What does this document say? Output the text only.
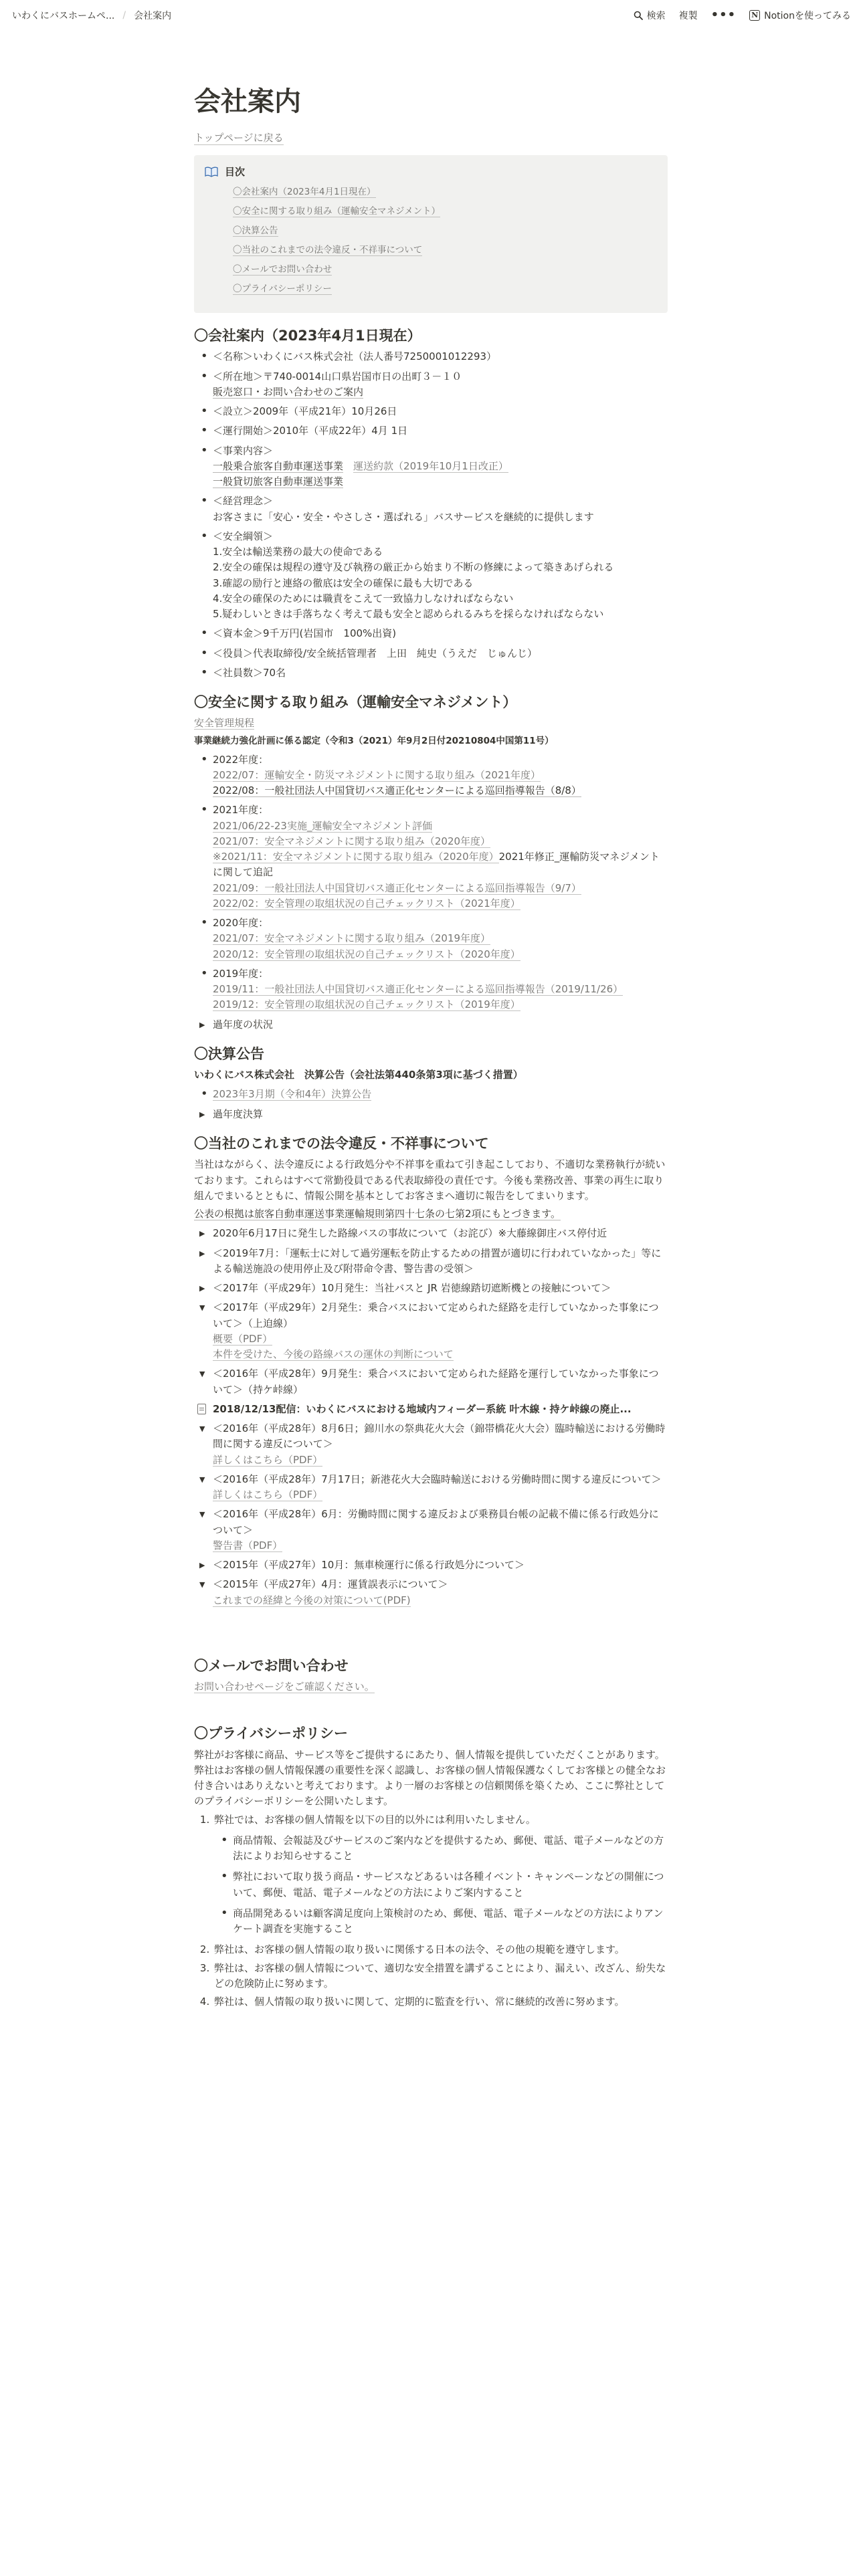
いわくにバスホームペ... / 会社案内	検索 複製 ••• N Notionを使ってみる
会社案内
トップページに戻る
目次
〇会社案内（2023年4月1日現在）
〇安全に関する取り組み（運輸安全マネジメント）
〇決算公告
〇当社のこれまでの法令違反・不祥事について
〇メールでお問い合わせ
〇プライバシーポリシー
〇会社案内（2023年4月1日現在）
• ＜名称＞いわくにバス株式会社（法人番号7250001012293）
• ＜所在地＞〒740-0014山口県岩国市日の出町３－１０
販売窓口・お問い合わせのご案内
• ＜設立＞2009年（平成21年）10月26日
• ＜運行開始＞2010年（平成22年）4月 1日
• ＜事業内容＞
一般乗合旅客自動車運送事業　 運送約款（2019年10月1日改正）
一般貸切旅客自動車運送事業
• ＜経営理念＞
お客さまに「安心・安全・やさしさ・選ばれる」バスサービスを継続的に提供します
• ＜安全綱領＞
1.安全は輸送業務の最大の使命である
2.安全の確保は規程の遵守及び執務の厳正から始まり不断の修練によって築きあげられる
3.確認の励行と連絡の徹底は安全の確保に最も大切である
4.安全の確保のためには職責をこえて一致協力しなければならない
5.疑わしいときは手落ちなく考えて最も安全と認められるみちを採らなければならない
• ＜資本金＞9千万円(岩国市　100%出資)
• ＜役員＞代表取締役/安全統括管理者　上田　純史（うえだ　じゅんじ）
• ＜社員数＞70名
〇安全に関する取り組み（運輸安全マネジメント）

安全管理規程

事業継続力強化計画に係る認定（令和3（2021）年9月2日付20210804中国第11号）

• 2022年度：
2022/07：運輸安全・防災マネジメントに関する取り組み（2021年度）
2022/08：一般社団法人中国貸切バス適正化センターによる巡回指導報告（8/8）
• 2021年度：
2021/06/22-23実施_運輸安全マネジメント評価
2021/07：安全マネジメントに関する取り組み（2020年度）
※2021/11：安全マネジメントに関する取り組み（2020年度）2021年修正_運輸防災マネジメントに関して追記
2021/09：一般社団法人中国貸切バス適正化センターによる巡回指導報告（9/7）
2022/02：安全管理の取組状況の自己チェックリスト（2021年度）
• 2020年度：
2021/07：安全マネジメントに関する取り組み（2019年度）
2020/12：安全管理の取組状況の自己チェックリスト（2020年度）
• 2019年度：
2019/11：一般社団法人中国貸切バス適正化センターによる巡回指導報告（2019/11/26）
2019/12：安全管理の取組状況の自己チェックリスト（2019年度）
▶ 過年度の状況
〇決算公告

いわくにバス株式会社　決算公告（会社法第440条第3項に基づく措置）

• 2023年3月期（令和4年）決算公告
▶ 過年度決算
〇当社のこれまでの法令違反・不祥事について

当社はながらく、法令違反による行政処分や不祥事を重ねて引き起こしており、不適切な業務執行が続いております。これらはすべて常勤役員である代表取締役の責任です。今後も業務改善、事業の再生に取り組んでまいるとともに、情報公開を基本としてお客さまへ適切に報告をしてまいります。

公表の根拠は旅客自動車運送事業運輸規則第四十七条の七第2項にもとづきます。

▶ 2020年6月17日に発生した路線バスの事故について（お詫び）※大藤線御庄バス停付近
▶ ＜2019年7月：「運転士に対して過労運転を防止するための措置が適切に行われていなかった」等による輸送施設の使用停止及び附帯命令書、警告書の受領＞
▶ ＜2017年（平成29年）10月発生：当社バスと JR 岩徳線踏切遮断機との接触について＞
▼ ＜2017年（平成29年）2月発生：乗合バスにおいて定められた経路を走行していなかった事象について＞（上迫線）
概要（PDF）
本件を受けた、今後の路線バスの運休の判断について
▼ ＜2016年（平成28年）9月発生：乗合バスにおいて定められた経路を運行していなかった事象について＞（持ケ峠線）
2018/12/13配信：いわくにバスにおける地域内フィーダー系統 叶木線・持ケ峠線の廃止...
▼ ＜2016年（平成28年）8月6日；錦川水の祭典花火大会（錦帯橋花火大会）臨時輸送における労働時間に関する違反について＞
詳しくはこちら（PDF）
▼ ＜2016年（平成28年）7月17日；新港花火大会臨時輸送における労働時間に関する違反について＞
詳しくはこちら（PDF）
▼ ＜2016年（平成28年）6月：労働時間に関する違反および乗務員台帳の記載不備に係る行政処分について＞
警告書（PDF）
▶ ＜2015年（平成27年）10月：無車検運行に係る行政処分について＞
▼ ＜2015年（平成27年）4月：運賃誤表示について＞
これまでの経緯と今後の対策について(PDF)
〇メールでお問い合わせ

お問い合わせページをご確認ください。

〇プライバシーポリシー

弊社がお客様に商品、サービス等をご提供するにあたり、個人情報を提供していただくことがあります。弊社はお客様の個人情報保護の重要性を深く認識し、お客様の個人情報保護なくしてお客様との健全なお付き合いはありえないと考えております。より一層のお客様との信頼関係を築くため、ここに弊社としてのプライバシーポリシーを公開いたします。

1. 弊社では、お客様の個人情報を以下の目的以外には利用いたしません。
• 商品情報、会報誌及びサービスのご案内などを提供するため、郵便、電話、電子メールなどの方法によりお知らせすること
• 弊社において取り扱う商品・サービスなどあるいは各種イベント・キャンペーンなどの開催について、郵便、電話、電子メールなどの方法によりご案内すること
• 商品開発あるいは顧客満足度向上策検討のため、郵便、電話、電子メールなどの方法によりアンケート調査を実施すること
2. 弊社は、お客様の個人情報の取り扱いに関係する日本の法令、その他の規範を遵守します。
3. 弊社は、お客様の個人情報について、適切な安全措置を講ずることにより、漏えい、改ざん、紛失などの危険防止に努めます。
4. 弊社は、個人情報の取り扱いに関して、定期的に監査を行い、常に継続的改善に努めます。
